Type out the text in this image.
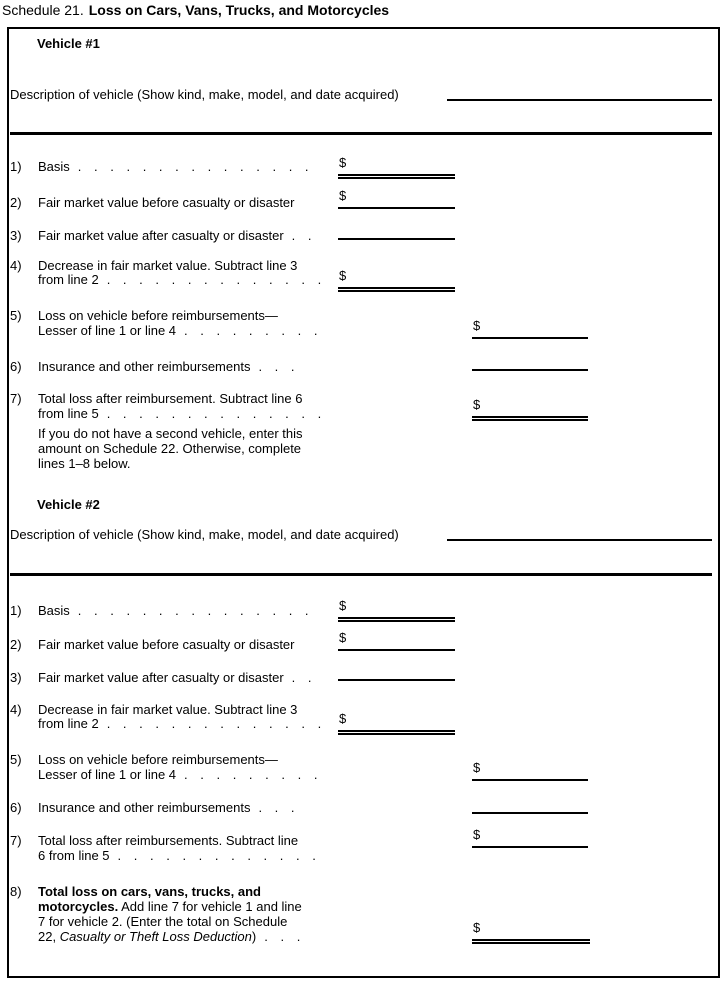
Schedule 21. Loss on Cars, Vans, Trucks, and Motorcycles
Vehicle #1
Description of vehicle (Show kind, make, model, and date acquired)
1) Basis . . . . . . . . . . . . . . . $
2) Fair market value before casualty or disaster	$
3) Fair market value after casualty or disaster . .
4) Decrease in fair market value. Subtract line 3
from line 2 . . . . . . . . . . . . . . $
5) Loss on vehicle before reimbursements—
Lesser of line 1 or line 4 . . . . . . . . .	$
6) Insurance and other reimbursements . . .
7) Total loss after reimbursement. Subtract line 6
from line 5 . . . . . . . . . . . . . .
$
If you do not have a second vehicle, enter this
amount on Schedule 22. Otherwise, complete
lines 1–8 below.
Vehicle #2
Description of vehicle (Show kind, make, model, and date acquired)
1) Basis . . . . . . . . . . . . . . . $
2) Fair market value before casualty or disaster	$
3) Fair market value after casualty or disaster . .
4) Decrease in fair market value. Subtract line 3
from line 2 . . . . . . . . . . . . . . $
5) Loss on vehicle before reimbursements—
Lesser of line 1 or line 4 . . . . . . . . .	$
6) Insurance and other reimbursements . . .
7) Total loss after reimbursements. Subtract line
6 from line 5 . . . . . . . . . . . . .
$
8) Total loss on cars, vans, trucks, and
motorcycles. Add line 7 for vehicle 1 and line
7 for vehicle 2. (Enter the total on Schedule
22, Casualty or Theft Loss Deduction) . . .
$
